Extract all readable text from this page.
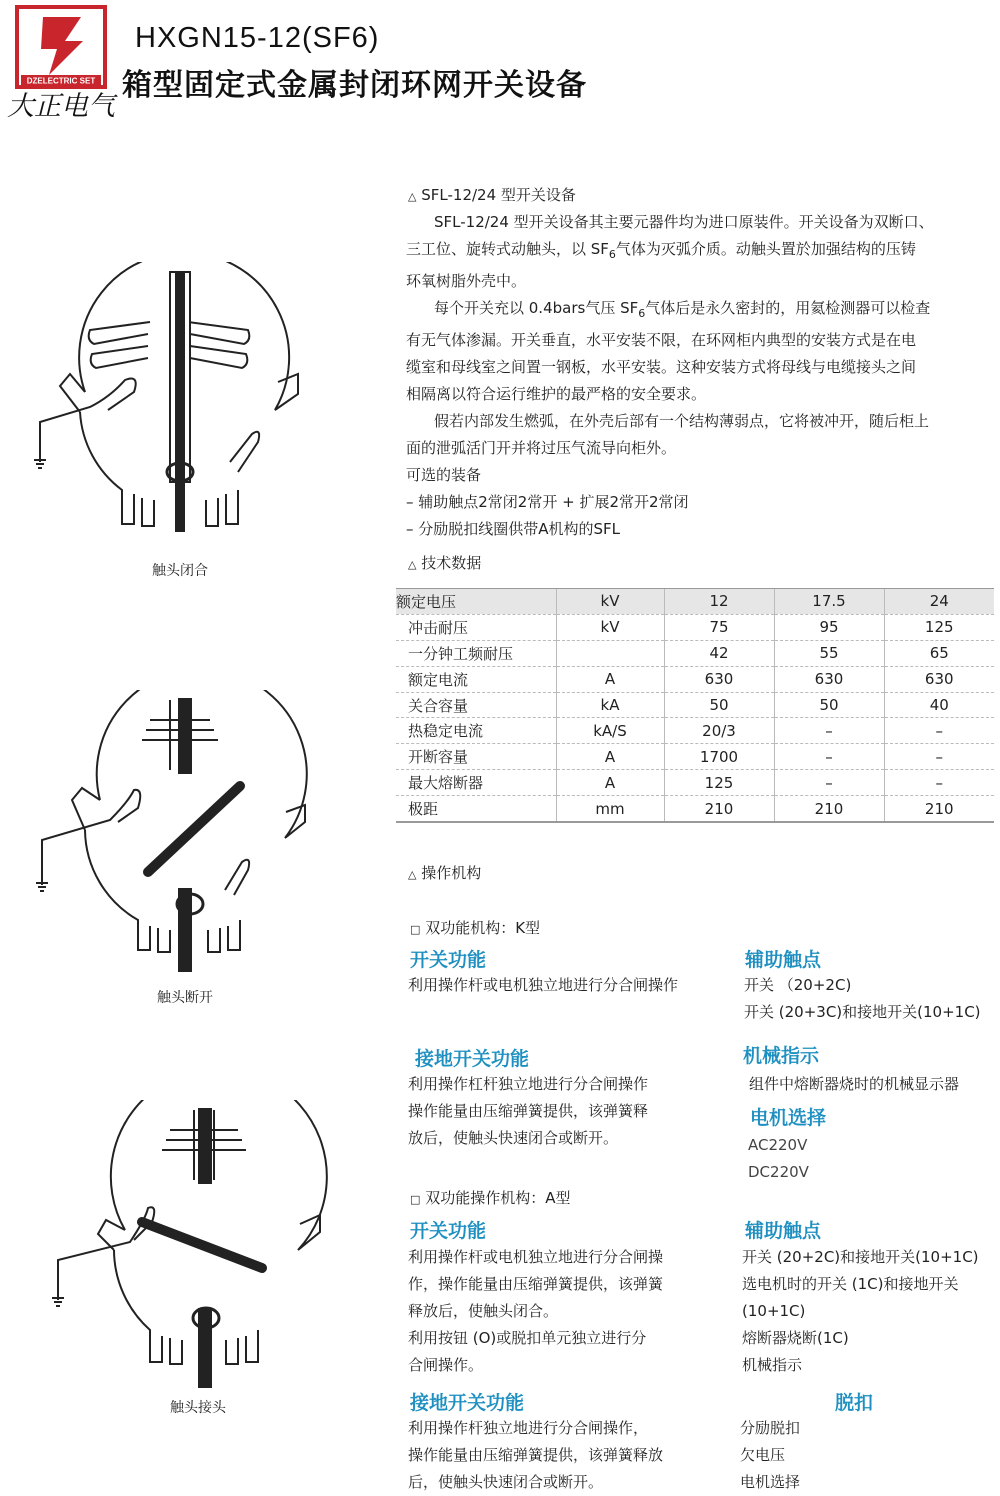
DZELECTRIC SET
大正电气
HXGN15-12(SF6)
箱型固定式金属封闭环网开关设备
触头闭合
触头断开
触头接头
△ SFL-12/24 型开关设备
SFL-12/24 型开关设备其主要元器件均为进口原装件。开关设备为双断口、
三工位、旋转式动触头，以 $SF_6$气体为灭弧介质。动触头置於加强结构的压铸
环氧树脂外壳中。
每个开关充以 0.4bars气压 $SF_6$气体后是永久密封的，用氦检测器可以检查
有无气体渗漏。开关垂直，水平安装不限，在环网柜内典型的安装方式是在电
缆室和母线室之间置一钢板，水平安装。这种安装方式将母线与电缆接头之间
相隔离以符合运行维护的最严格的安全要求。
假若内部发生燃弧，在外壳后部有一个结构薄弱点，它将被冲开，随后柜上
面的泄弧活门开并将过压气流导向柜外。
可选的装备
– 辅助触点2常闭2常开 + 扩展2常开2常闭
– 分励脱扣线圈供带A机构的SFL
△ 技术数据
额定电压	kV	12	17.5	24
冲击耐压	kV	75	95	125
一分钟工频耐压		42	55	65
额定电流	A	630	630	630
关合容量	kA	50	50	40
热稳定电流	kA/S	20/3	–	–
开断容量	A	1700	–	–
最大熔断器	A	125	–	–
极距	mm	210	210	210
△ 操作机构
□ 双功能机构：K型
开关功能
利用操作杆或电机独立地进行分合闸操作
辅助触点
开关 （20+2C)
开关 (20+3C)和接地开关(10+1C)
接地开关功能
利用操作杠杆独立地进行分合闸操作
操作能量由压缩弹簧提供，该弹簧释
放后，使触头快速闭合或断开。
机械指示
组件中熔断器烧时的机械显示器
电机选择
AC220V
DC220V
□ 双功能操作机构：A型
开关功能
利用操作杆或电机独立地进行分合闸操
作，操作能量由压缩弹簧提供，该弹簧
释放后，使触头闭合。
利用按钮 (O)或脱扣单元独立进行分
合闸操作。
辅助触点
开关 (20+2C)和接地开关(10+1C)
选电机时的开关 (1C)和接地开关
(10+1C)
熔断器烧断(1C)
机械指示
接地开关功能
利用操作杆独立地进行分合闸操作，
操作能量由压缩弹簧提供，该弹簧释放
后，使触头快速闭合或断开。
脱扣
分励脱扣
欠电压
电机选择
